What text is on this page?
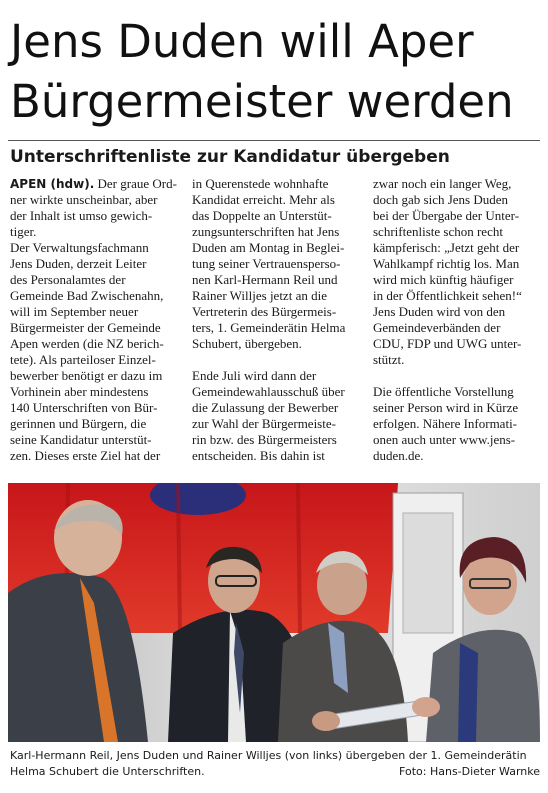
Jens Duden will Aper
Bürgermeister werden
Unterschriftenliste zur Kandidatur übergeben
APEN (hdw). Der graue Ord-
ner wirkte unscheinbar, aber
der Inhalt ist umso gewich-
tiger.
Der Verwaltungsfachmann
Jens Duden, derzeit Leiter
des Personalamtes der
Gemeinde Bad Zwischenahn,
will im September neuer
Bürgermeister der Gemeinde
Apen werden (die NZ berich-
tete). Als parteiloser Einzel-
bewerber benötigt er dazu im
Vorhinein aber mindestens
140 Unterschriften von Bür-
gerinnen und Bürgern, die
seine Kandidatur unterstüt-
zen. Dieses erste Ziel hat der
in Querenstede wohnhafte
Kandidat erreicht. Mehr als
das Doppelte an Unterstüt-
zungsunterschriften hat Jens
Duden am Montag in Beglei-
tung seiner Vertrauensperso-
nen Karl-Hermann Reil und
Rainer Willjes jetzt an die
Vertreterin des Bürgermeis-
ters, 1. Gemeinderätin Helma
Schubert, übergeben.
Ende Juli wird dann der
Gemeindewahlausschuß über
die Zulassung der Bewerber
zur Wahl der Bürgermeiste-
rin bzw. des Bürgermeisters
entscheiden. Bis dahin ist
zwar noch ein langer Weg,
doch gab sich Jens Duden
bei der Übergabe der Unter-
schriftenliste schon recht
kämpferisch: „Jetzt geht der
Wahlkampf richtig los. Man
wird mich künftig häufiger
in der Öffentlichkeit sehen!“
Jens Duden wird von den
Gemeindeverbänden der
CDU, FDP und UWG unter-
stützt.
Die öffentliche Vorstellung
seiner Person wird in Kürze
erfolgen. Nähere Informati-
onen auch unter www.jens-
duden.de.
Karl-Hermann Reil, Jens Duden und Rainer Willjes (von links) übergeben der 1. Gemeinderätin
Helma Schubert die Unterschriften.	Foto: Hans-Dieter Warnke
